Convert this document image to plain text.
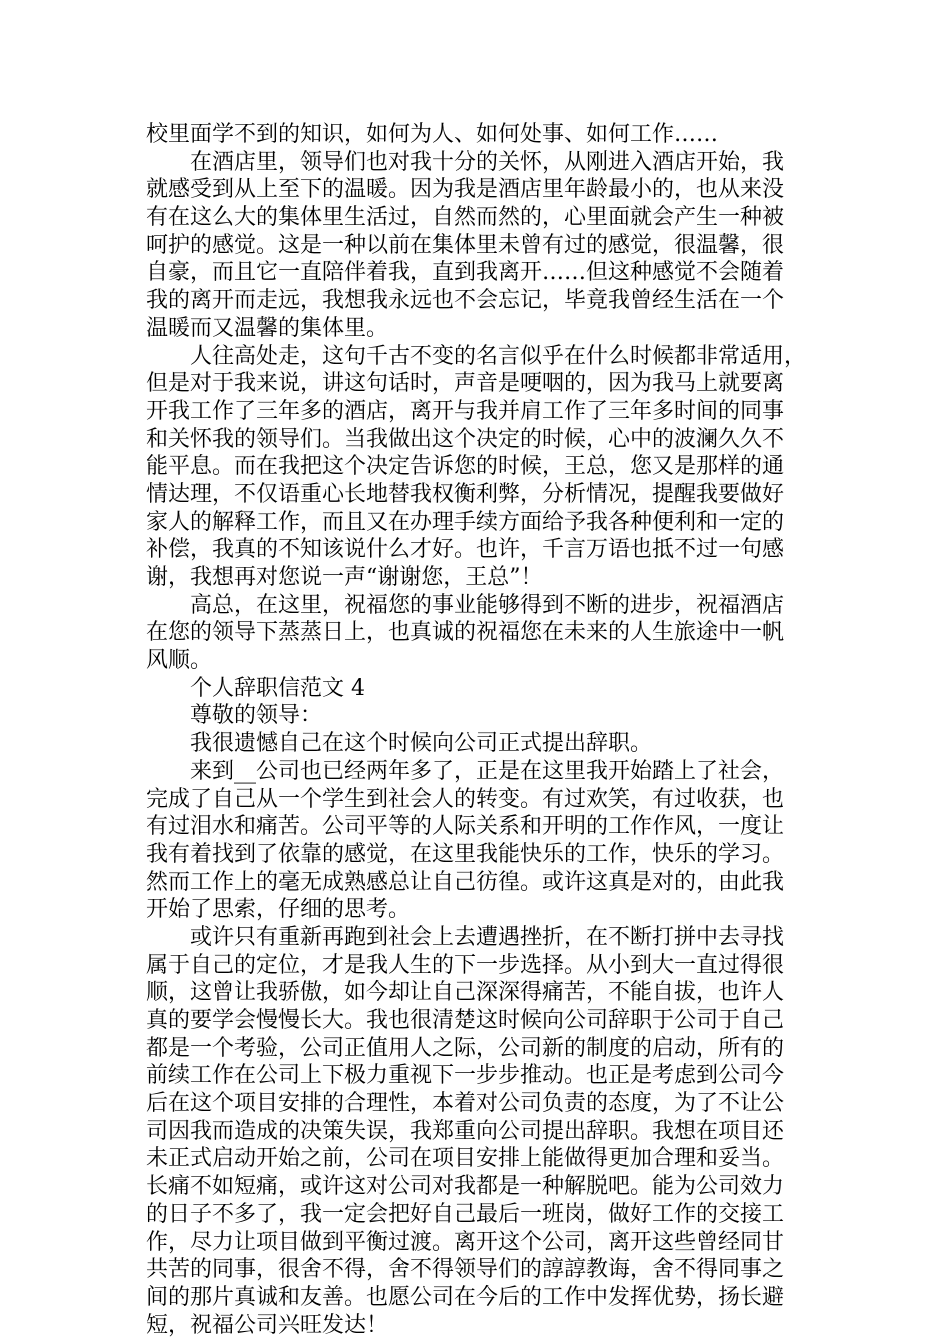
校里面学不到的知识，如何为人、如何处事、如何工作……
在酒店里，领导们也对我十分的关怀，从刚进入酒店开始，我
就感受到从上至下的温暖。因为我是酒店里年龄最小的，也从来没
有在这么大的集体里生活过，自然而然的，心里面就会产生一种被
呵护的感觉。这是一种以前在集体里未曾有过的感觉，很温馨，很
自豪，而且它一直陪伴着我，直到我离开……但这种感觉不会随着
我的离开而走远，我想我永远也不会忘记，毕竟我曾经生活在一个
温暖而又温馨的集体里。
人往高处走，这句千古不变的名言似乎在什么时候都非常适用，
但是对于我来说，讲这句话时，声音是哽咽的，因为我马上就要离
开我工作了三年多的酒店，离开与我并肩工作了三年多时间的同事
和关怀我的领导们。当我做出这个决定的时候，心中的波澜久久不
能平息。而在我把这个决定告诉您的时候，王总，您又是那样的通
情达理，不仅语重心长地替我权衡利弊，分析情况，提醒我要做好
家人的解释工作，而且又在办理手续方面给予我各种便利和一定的
补偿，我真的不知该说什么才好。也许，千言万语也抵不过一句感
谢，我想再对您说一声“谢谢您，王总”！
高总，在这里，祝福您的事业能够得到不断的进步，祝福酒店
在您的领导下蒸蒸日上，也真诚的祝福您在未来的人生旅途中一帆
风顺。
个人辞职信范文 4
尊敬的领导：
我很遗憾自己在这个时候向公司正式提出辞职。
来到__公司也已经两年多了，正是在这里我开始踏上了社会，
完成了自己从一个学生到社会人的转变。有过欢笑，有过收获，也
有过泪水和痛苦。公司平等的人际关系和开明的工作作风，一度让
我有着找到了依靠的感觉，在这里我能快乐的工作，快乐的学习。
然而工作上的毫无成熟感总让自己彷徨。或许这真是对的，由此我
开始了思索，仔细的思考。
或许只有重新再跑到社会上去遭遇挫折，在不断打拼中去寻找
属于自己的定位，才是我人生的下一步选择。从小到大一直过得很
顺，这曾让我骄傲，如今却让自己深深得痛苦，不能自拔，也许人
真的要学会慢慢长大。我也很清楚这时候向公司辞职于公司于自己
都是一个考验，公司正值用人之际，公司新的制度的启动，所有的
前续工作在公司上下极力重视下一步步推动。也正是考虑到公司今
后在这个项目安排的合理性，本着对公司负责的态度，为了不让公
司因我而造成的决策失误，我郑重向公司提出辞职。我想在项目还
未正式启动开始之前，公司在项目安排上能做得更加合理和妥当。
长痛不如短痛，或许这对公司对我都是一种解脱吧。能为公司效力
的日子不多了，我一定会把好自己最后一班岗，做好工作的交接工
作，尽力让项目做到平衡过渡。离开这个公司，离开这些曾经同甘
共苦的同事，很舍不得，舍不得领导们的諄諄教诲，舍不得同事之
间的那片真诚和友善。也愿公司在今后的工作中发挥优势，扬长避
短，祝福公司兴旺发达！
